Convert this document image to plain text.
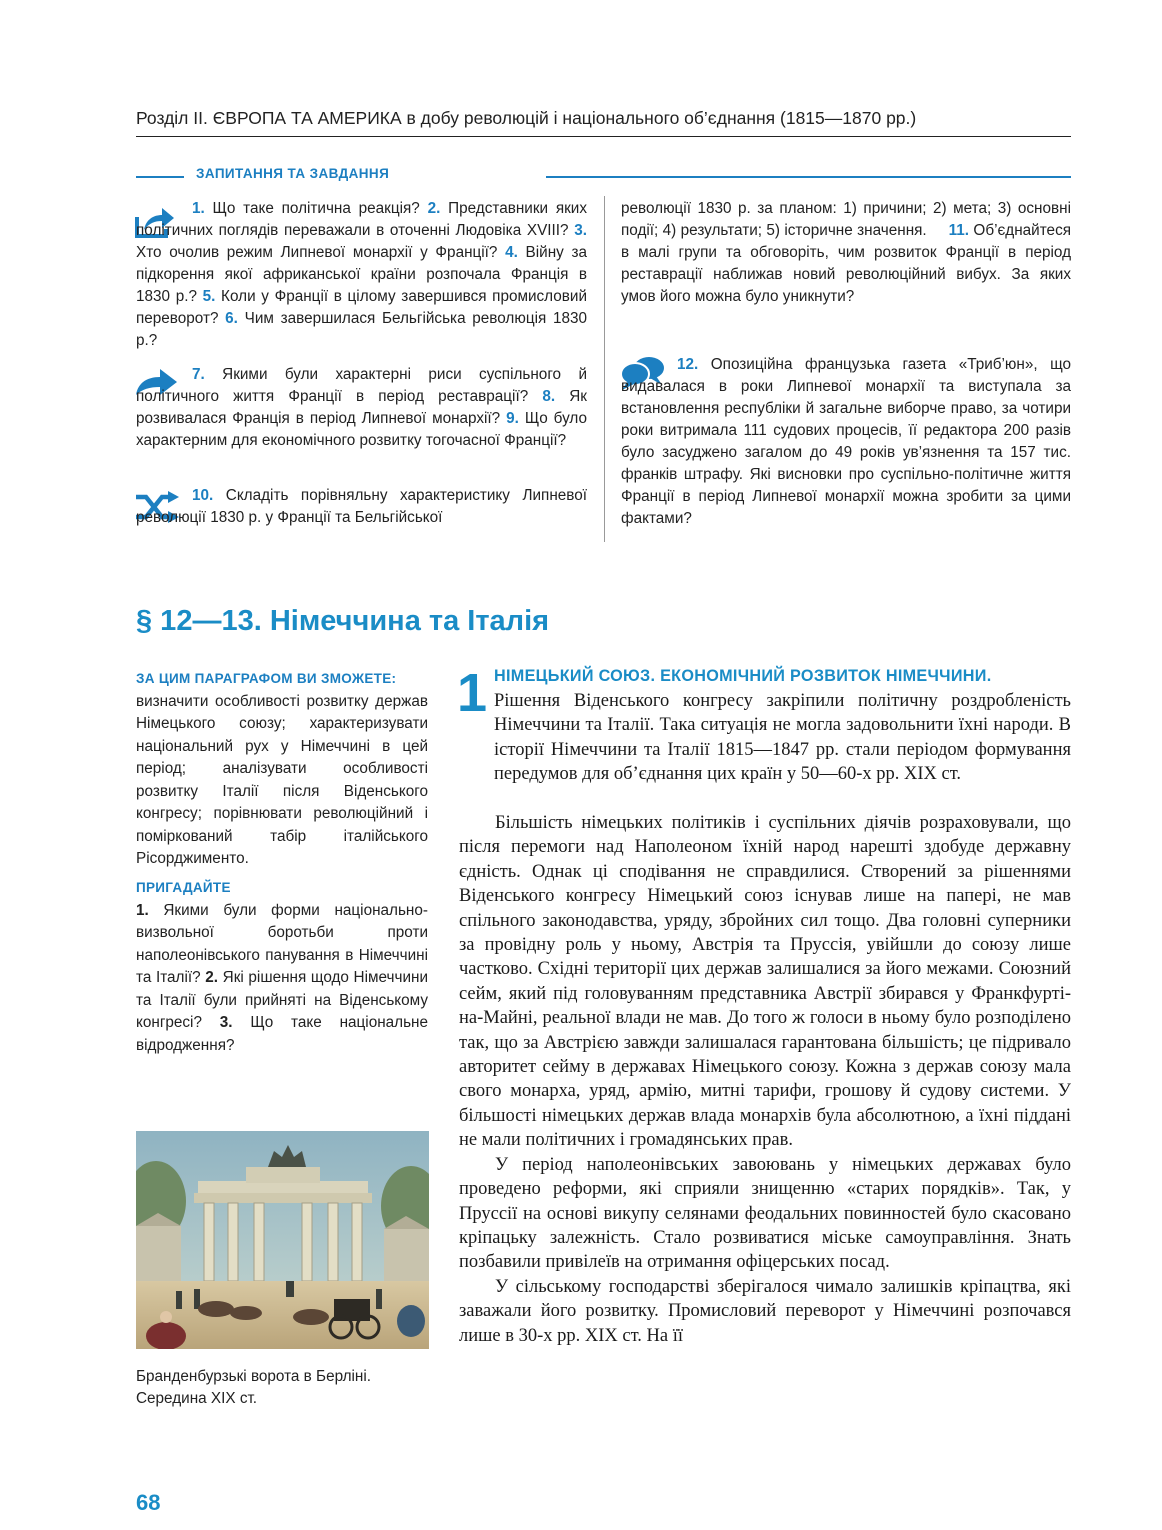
Розділ ІІ. ЄВРОПА ТА АМЕРИКА в добу революцій і національного об’єднання (1815—1870 рр.)
ЗАПИТАННЯ ТА ЗАВДАННЯ

1. Що таке політична реакція? 2. Представники яких політичних поглядів переважали в оточенні Людовіка XVIII? 3. Хто очолив режим Липневої монархії у Франції? 4. Війну за підкорення якої африканської країни розпочала Франція в 1830 р.? 5. Коли у Франції в цілому завершився промисловий переворот? 6. Чим завершилася Бельгійська революція 1830 р.?

7. Якими були характерні риси суспільного й політичного життя Франції в період реставрації? 8. Як розвивалася Франція в період Липневої монархії? 9. Що було характерним для економічного розвитку тогочасної Франції?

10. Складіть порівняльну характеристику Липневої революції 1830 р. у Франції та Бельгійської

революції 1830 р. за планом: 1) причини; 2) мета; 3) основні події; 4) результати; 5) історичне значення. 11. Об’єднайтеся в малі групи та обговоріть, чим розвиток Франції в період реставрації наближав новий революційний вибух. За яких умов його можна було уникнути?

12. Опозиційна французька газета «Триб’юн», що видавалася в роки Липневої монархії та виступала за встановлення республіки й загальне виборче право, за чотири роки витримала 111 судових процесів, її редактора 200 разів було засуджено загалом до 49 років ув’язнення та 157 тис. франків штрафу. Які висновки про суспільно-політичне життя Франції в період Липневої монархії можна зробити за цими фактами?

§ 12—13. Німеччина та Італія
ЗА ЦИМ ПАРАГРАФОМ ВИ ЗМОЖЕТЕ:
визначити особливості розвитку держав Німецького союзу; характеризувати національний рух у Німеччині в цей період; аналізувати особливості розвитку Італії після Віденського конгресу; порівнювати революційний і поміркований табір італійського Рісорджименто.
ПРИГАДАЙТЕ
1. Якими були форми національно-визвольної боротьби проти наполеонівського панування в Німеччині та Італії? 2. Які рішення щодо Німеччини та Італії були прийняті на Віденському конгресі? 3. Що таке національне відродження?
Бранденбурзькі ворота в Берліні.
Середина XIX ст.
1 НІМЕЦЬКИЙ СОЮЗ. ЕКОНОМІЧНИЙ РОЗВИТОК НІМЕЧЧИНИ.

Рішення Віденського конгресу закріпили політичну роздробленість Німеччини та Італії. Така ситуація не могла задовольнити їхні народи. В історії Німеччини та Італії 1815—1847 рр. стали періодом формування передумов для об’єднання цих країн у 50—60-х рр. XIX ст.

Більшість німецьких політиків і суспільних діячів розраховували, що після перемоги над Наполеоном їхній народ нарешті здобуде державну єдність. Однак ці сподівання не справдилися. Створений за рішеннями Віденського конгресу Німецький союз існував лише на папері, не мав спільного законодавства, уряду, збройних сил тощо. Два головні суперники за провідну роль у ньому, Австрія та Пруссія, увійшли до союзу лише частково. Східні території цих держав залишалися за його межами. Союзний сейм, який під головуванням представника Австрії збирався у Франкфурті-на-Майні, реальної влади не мав. До того ж голоси в ньому було розподілено так, що за Австрією завжди залишалася гарантована більшість; це підривало авторитет сейму в державах Німецького союзу. Кожна з держав союзу мала свого монарха, уряд, армію, митні тарифи, грошову й судову системи. У більшості німецьких держав влада монархів була абсолютною, а їхні піддані не мали політичних і громадянських прав.

У період наполеонівських завоювань у німецьких державах було проведено реформи, які сприяли знищенню «старих порядків». Так, у Пруссії на основі викупу селянами феодальних повинностей було скасовано кріпацьку залежність. Стало розвиватися міське самоуправління. Знать позбавили привілеїв на отримання офіцерських посад.

У сільському господарстві зберігалося чимало залишків кріпацтва, які заважали його розвитку. Промисловий переворот у Німеччині розпочався лише в 30-х рр. XIX ст. На її

68
